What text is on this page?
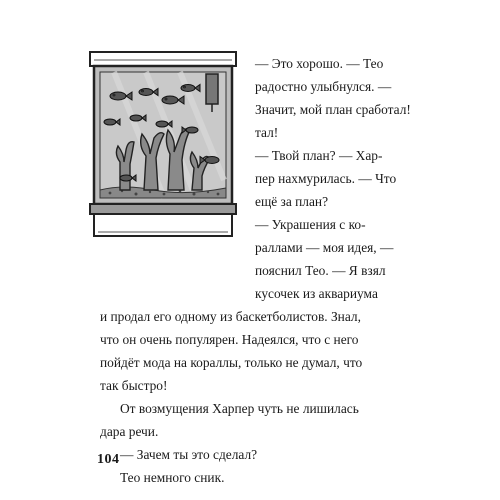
— Это хорошо. — Тео
радостно улыбнулся. —
Значит, мой план сработал!
тал!
— Твой план? — Хар-
пер нахмурилась. — Что
ещё за план?
— Украшения с ко-
раллами — моя идея, —
пояснил Тео. — Я взял
кусочек из аквариума
и продал его одному из баскетболистов. Знал,
что он очень популярен. Надеялся, что с него
пойдёт мода на кораллы, только не думал, что
так быстро!
От возмущения Харпер чуть не лишилась
дара речи.
— Зачем ты это сделал?
Тео немного сник.
104
